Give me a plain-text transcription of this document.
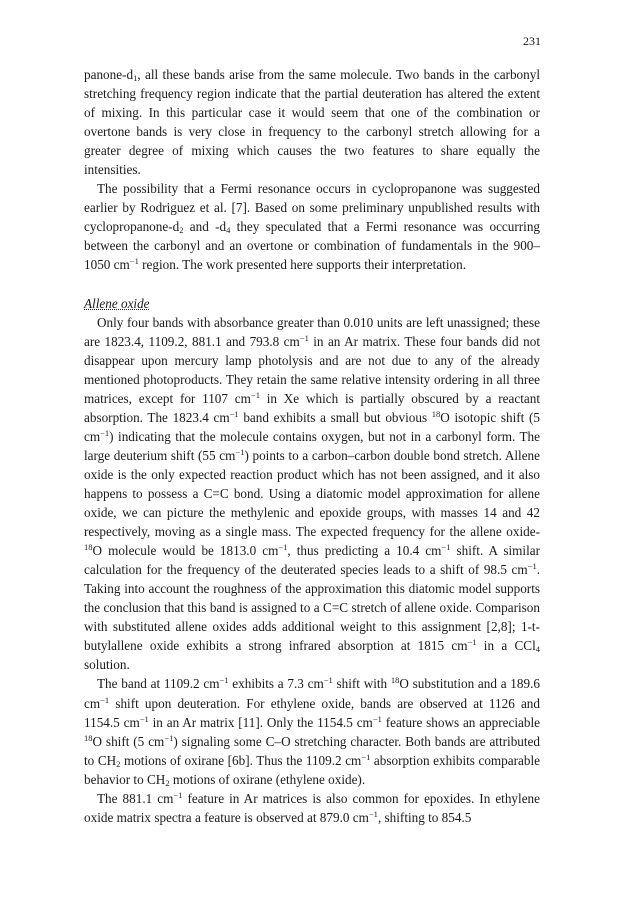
231

panone-$d_1$, all these bands arise from the same molecule. Two bands in the carbonyl stretching frequency region indicate that the partial deuteration has altered the extent of mixing. In this particular case it would seem that one of the combination or overtone bands is very close in frequency to the carbonyl stretch allowing for a greater degree of mixing which causes the two features to share equally the intensities.

The possibility that a Fermi resonance occurs in cyclopropanone was suggested earlier by Rodriguez et al. [7]. Based on some preliminary unpublished results with cyclopropanone-$d_2$ and $-d_4$ they speculated that a Fermi resonance was occurring between the carbonyl and an overtone or combination of fundamentals in the 900–1050 $cm^{-1}$ region. The work presented here supports their interpretation.

Allene oxide

Only four bands with absorbance greater than 0.010 units are left unassigned; these are 1823.4, 1109.2, 881.1 and 793.8 $cm^{-1}$ in an Ar matrix. These four bands did not disappear upon mercury lamp photolysis and are not due to any of the already mentioned photoproducts. They retain the same relative intensity ordering in all three matrices, except for 1107 $cm^{-1}$ in Xe which is partially obscured by a reactant absorption. The 1823.4 $cm^{-1}$ band exhibits a small but obvious $^{18}$O isotopic shift (5 $cm^{-1}$) indicating that the molecule contains oxygen, but not in a carbonyl form. The large deuterium shift (55 $cm^{-1}$) points to a carbon–carbon double bond stretch. Allene oxide is the only expected reaction product which has not been assigned, and it also happens to possess a C=C bond. Using a diatomic model approximation for allene oxide, we can picture the methylenic and epoxide groups, with masses 14 and 42 respectively, moving as a single mass. The expected frequency for the allene oxide-$^{18}$O molecule would be 1813.0 $cm^{-1}$, thus predicting a 10.4 $cm^{-1}$ shift. A similar calculation for the frequency of the deuterated species leads to a shift of 98.5 $cm^{-1}$. Taking into account the roughness of the approximation this diatomic model supports the conclusion that this band is assigned to a C=C stretch of allene oxide. Comparison with substituted allene oxides adds additional weight to this assignment [2,8]; 1-t-butylallene oxide exhibits a strong infrared absorption at 1815 $cm^{-1}$ in a CCl$_4$ solution.

The band at 1109.2 $cm^{-1}$ exhibits a 7.3 $cm^{-1}$ shift with $^{18}$O substitution and a 189.6 $cm^{-1}$ shift upon deuteration. For ethylene oxide, bands are observed at 1126 and 1154.5 $cm^{-1}$ in an Ar matrix [11]. Only the 1154.5 $cm^{-1}$ feature shows an appreciable $^{18}$O shift (5 $cm^{-1}$) signaling some C–O stretching character. Both bands are attributed to $CH_2$ motions of oxirane [6b]. Thus the 1109.2 $cm^{-1}$ absorption exhibits comparable behavior to $CH_2$ motions of oxirane (ethylene oxide).

The 881.1 $cm^{-1}$ feature in Ar matrices is also common for epoxides. In ethylene oxide matrix spectra a feature is observed at 879.0 $cm^{-1}$, shifting to 854.5
